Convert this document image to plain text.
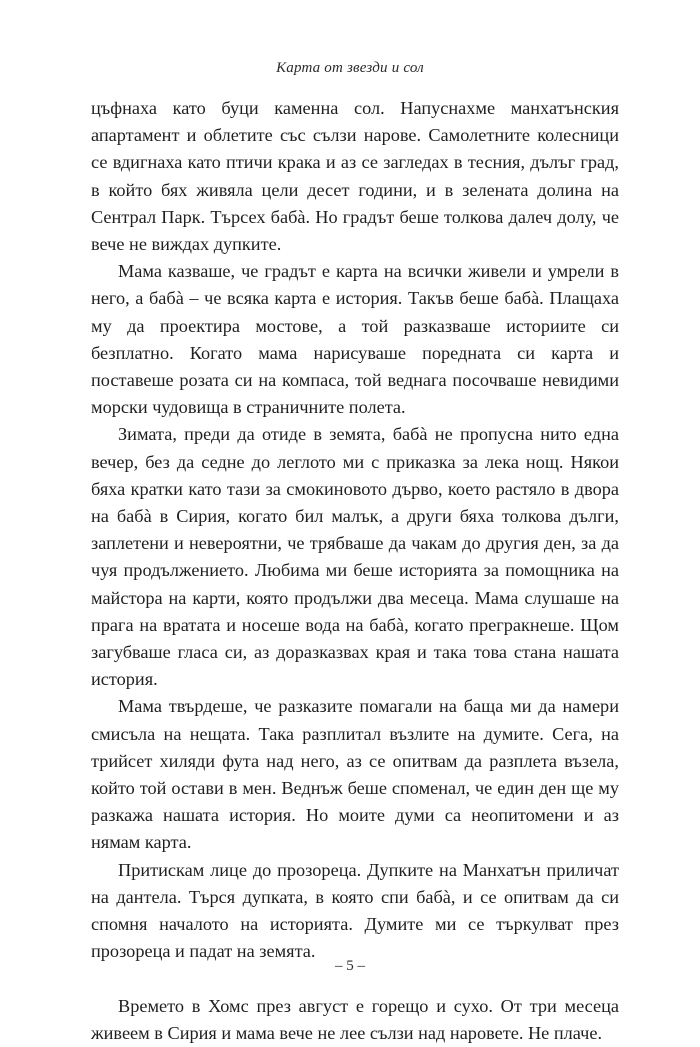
Карта от звезди и сол

цъфнаха като буци каменна сол. Напуснахме манхатънския апартамент и облетите със сълзи нарове. Самолетните колесници се вдигнаха като птичи крака и аз се загледах в тесния, дълъг град, в който бях живяла цели десет години, и в зелената долина на Сентрал Парк. Търсех бабà. Но градът беше толкова далеч долу, че вече не виждах дупките.

Мама казваше, че градът е карта на всички живели и умрели в него, а бабà – че всяка карта е история. Такъв беше бабà. Плащаха му да проектира мостове, а той разказваше историите си безплатно. Когато мама нарисуваше поредната си карта и поставеше розата си на компаса, той веднага посочваше невидими морски чудовища в страничните полета.

Зимата, преди да отиде в земята, бабà не пропусна нито една вечер, без да седне до леглото ми с приказка за лека нощ. Някои бяха кратки като тази за смокиновото дърво, което растяло в двора на бабà в Сирия, когато бил малък, а други бяха толкова дълги, заплетени и невероятни, че трябваше да чакам до другия ден, за да чуя продължението. Любима ми беше историята за помощника на майстора на карти, която продължи два месеца. Мама слушаше на прага на вратата и носеше вода на бабà, когато прегракнеше. Щом загубваше гласа си, аз доразказвах края и така това стана нашата история.

Мама твърдеше, че разказите помагали на баща ми да намери смисъла на нещата. Така разплитал възлите на думите. Сега, на трийсет хиляди фута над него, аз се опитвам да разплета възела, който той остави в мен. Веднъж беше споменал, че един ден ще му разкажа нашата история. Но моите думи са неопитомени и аз нямам карта.

Притискам лице до прозореца. Дупките на Манхатън приличат на дантела. Търся дупката, в която спи бабà, и се опитвам да си спомня началото на историята. Думите ми се търкулват през прозореца и падат на земята.

Времето в Хомс през август е горещо и сухо. От три месеца живеем в Сирия и мама вече не лее сълзи над наровете. Не плаче.

– 5 –
